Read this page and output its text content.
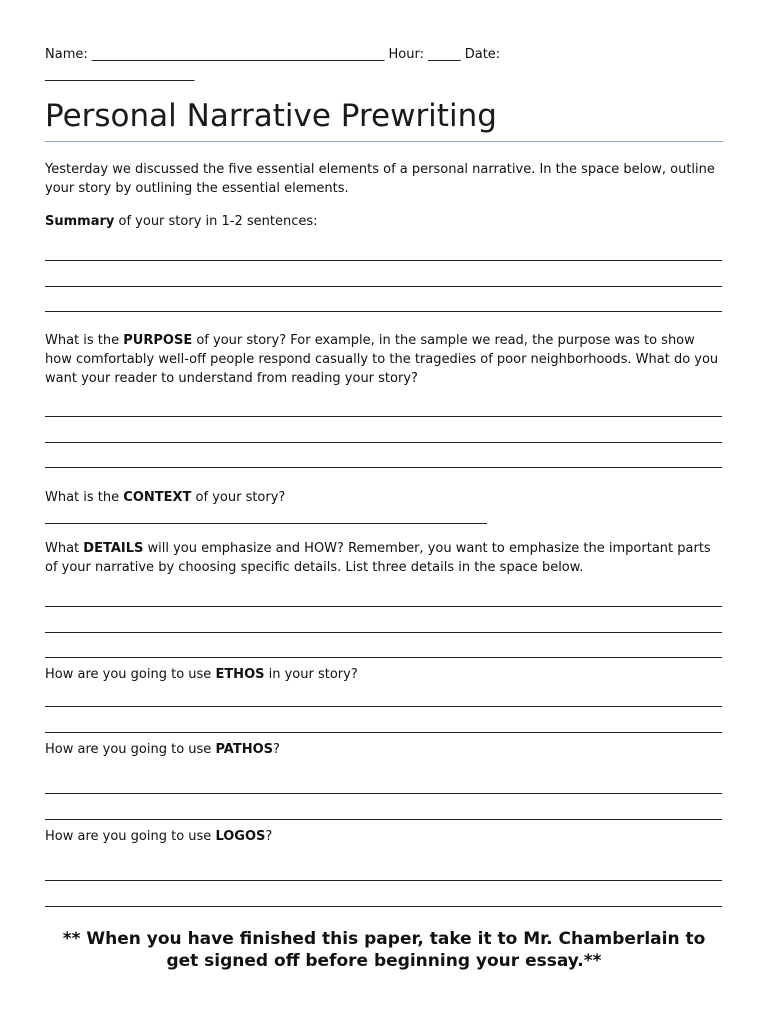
Name: _____________________________________________ Hour: _____ Date:
_______________________
Personal Narrative Prewriting

Yesterday we discussed the five essential elements of a personal narrative. In the space below, outline your story by outlining the essential elements.

Summary of your story in 1-2 sentences:

What is the PURPOSE of your story? For example, in the sample we read, the purpose was to show how comfortably well-off people respond casually to the tragedies of poor neighborhoods. What do you want your reader to understand from reading your story?

What is the CONTEXT of your story?

What DETAILS will you emphasize and HOW? Remember, you want to emphasize the important parts of your narrative by choosing specific details. List three details in the space below.

How are you going to use ETHOS in your story?

How are you going to use PATHOS?

How are you going to use LOGOS?

** When you have finished this paper, take it to Mr. Chamberlain to get signed off before beginning your essay.**
